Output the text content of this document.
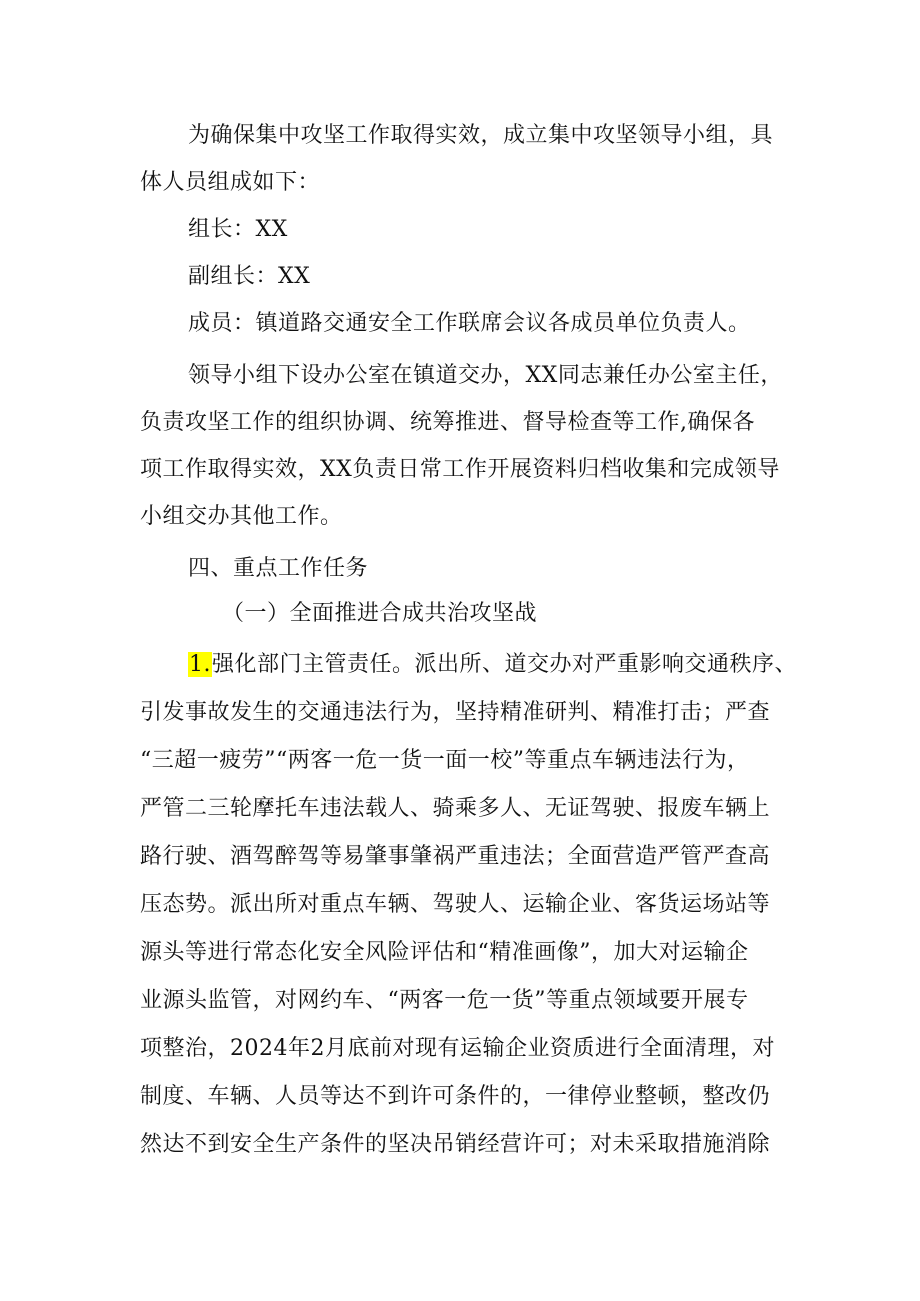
为确保集中攻坚工作取得实效，成立集中攻坚领导小组，具
体人员组成如下：
组长：XX
副组长：XX
成员：镇道路交通安全工作联席会议各成员单位负责人。
领导小组下设办公室在镇道交办，XX同志兼任办公室主任，
负责攻坚工作的组织协调、统筹推进、督导检查等工作,确保各
项工作取得实效，XX负责日常工作开展资料归档收集和完成领导
小组交办其他工作。
四、重点工作任务
（一）全面推进合成共治攻坚战
1.强化部门主管责任。派出所、道交办对严重影响交通秩序、
引发事故发生的交通违法行为，坚持精准研判、精准打击；严查
“三超一疲劳”“两客一危一货一面一校”等重点车辆违法行为，
严管二三轮摩托车违法载人、骑乘多人、无证驾驶、报废车辆上
路行驶、酒驾醉驾等易肇事肇祸严重违法；全面营造严管严查高
压态势。派出所对重点车辆、驾驶人、运输企业、客货运场站等
源头等进行常态化安全风险评估和“精准画像”，加大对运输企
业源头监管，对网约车、“两客一危一货”等重点领域要开展专
项整治，2024年2月底前对现有运输企业资质进行全面清理，对
制度、车辆、人员等达不到许可条件的，一律停业整顿，整改仍
然达不到安全生产条件的坚决吊销经营许可；对未采取措施消除
